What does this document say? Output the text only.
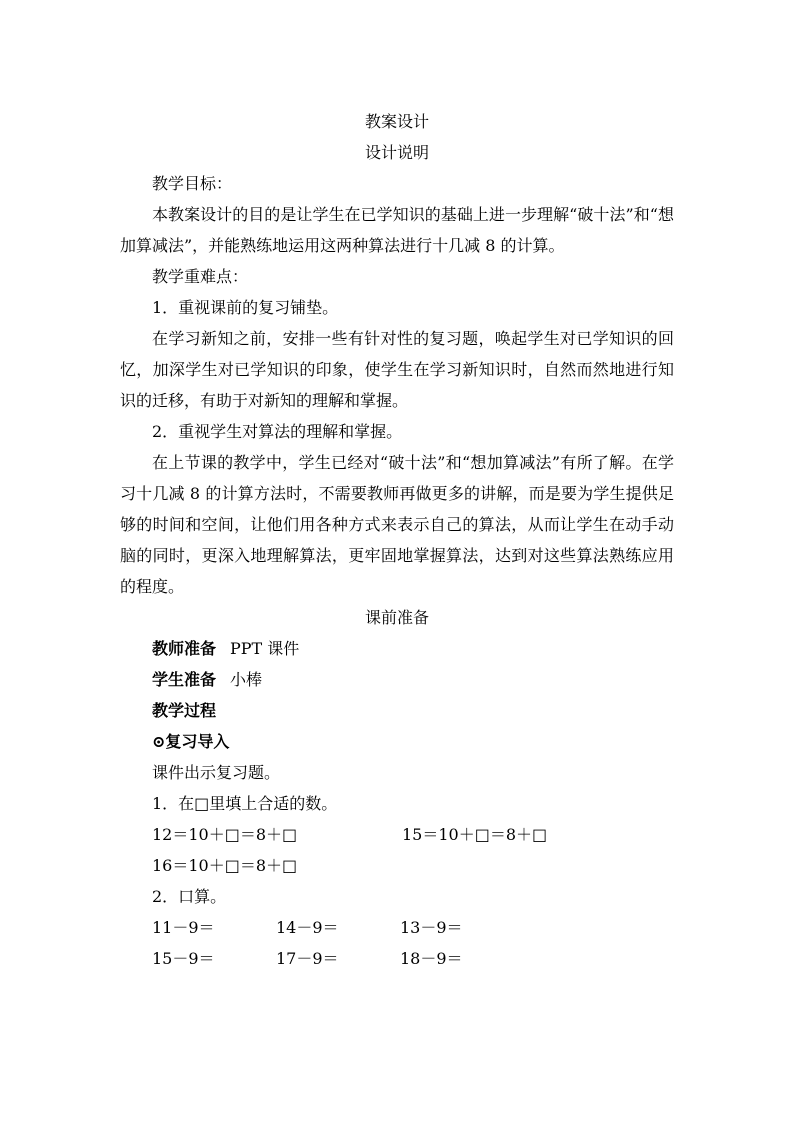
教案设计
设计说明
教学目标：
本教案设计的目的是让学生在已学知识的基础上进一步理解“破十法”和“想加算减法”，并能熟练地运用这两种算法进行十几减 8 的计算。
教学重难点：
1．重视课前的复习铺垫。
在学习新知之前，安排一些有针对性的复习题，唤起学生对已学知识的回忆，加深学生对已学知识的印象，使学生在学习新知识时，自然而然地进行知识的迁移，有助于对新知的理解和掌握。
2．重视学生对算法的理解和掌握。
在上节课的教学中，学生已经对“破十法”和“想加算减法”有所了解。在学习十几减 8 的计算方法时，不需要教师再做更多的讲解，而是要为学生提供足够的时间和空间，让他们用各种方式来表示自己的算法，从而让学生在动手动脑的同时，更深入地理解算法，更牢固地掌握算法，达到对这些算法熟练应用的程度。
课前准备
教师准备 PPT 课件
学生准备 小棒
教学过程
⊙复习导入
课件出示复习题。
1．在□里填上合适的数。
12＝10＋□＝8＋□	15＝10＋□＝8＋□
16＝10＋□＝8＋□
2．口算。
11－9＝	14－9＝	13－9＝
15－9＝	17－9＝	18－9＝
